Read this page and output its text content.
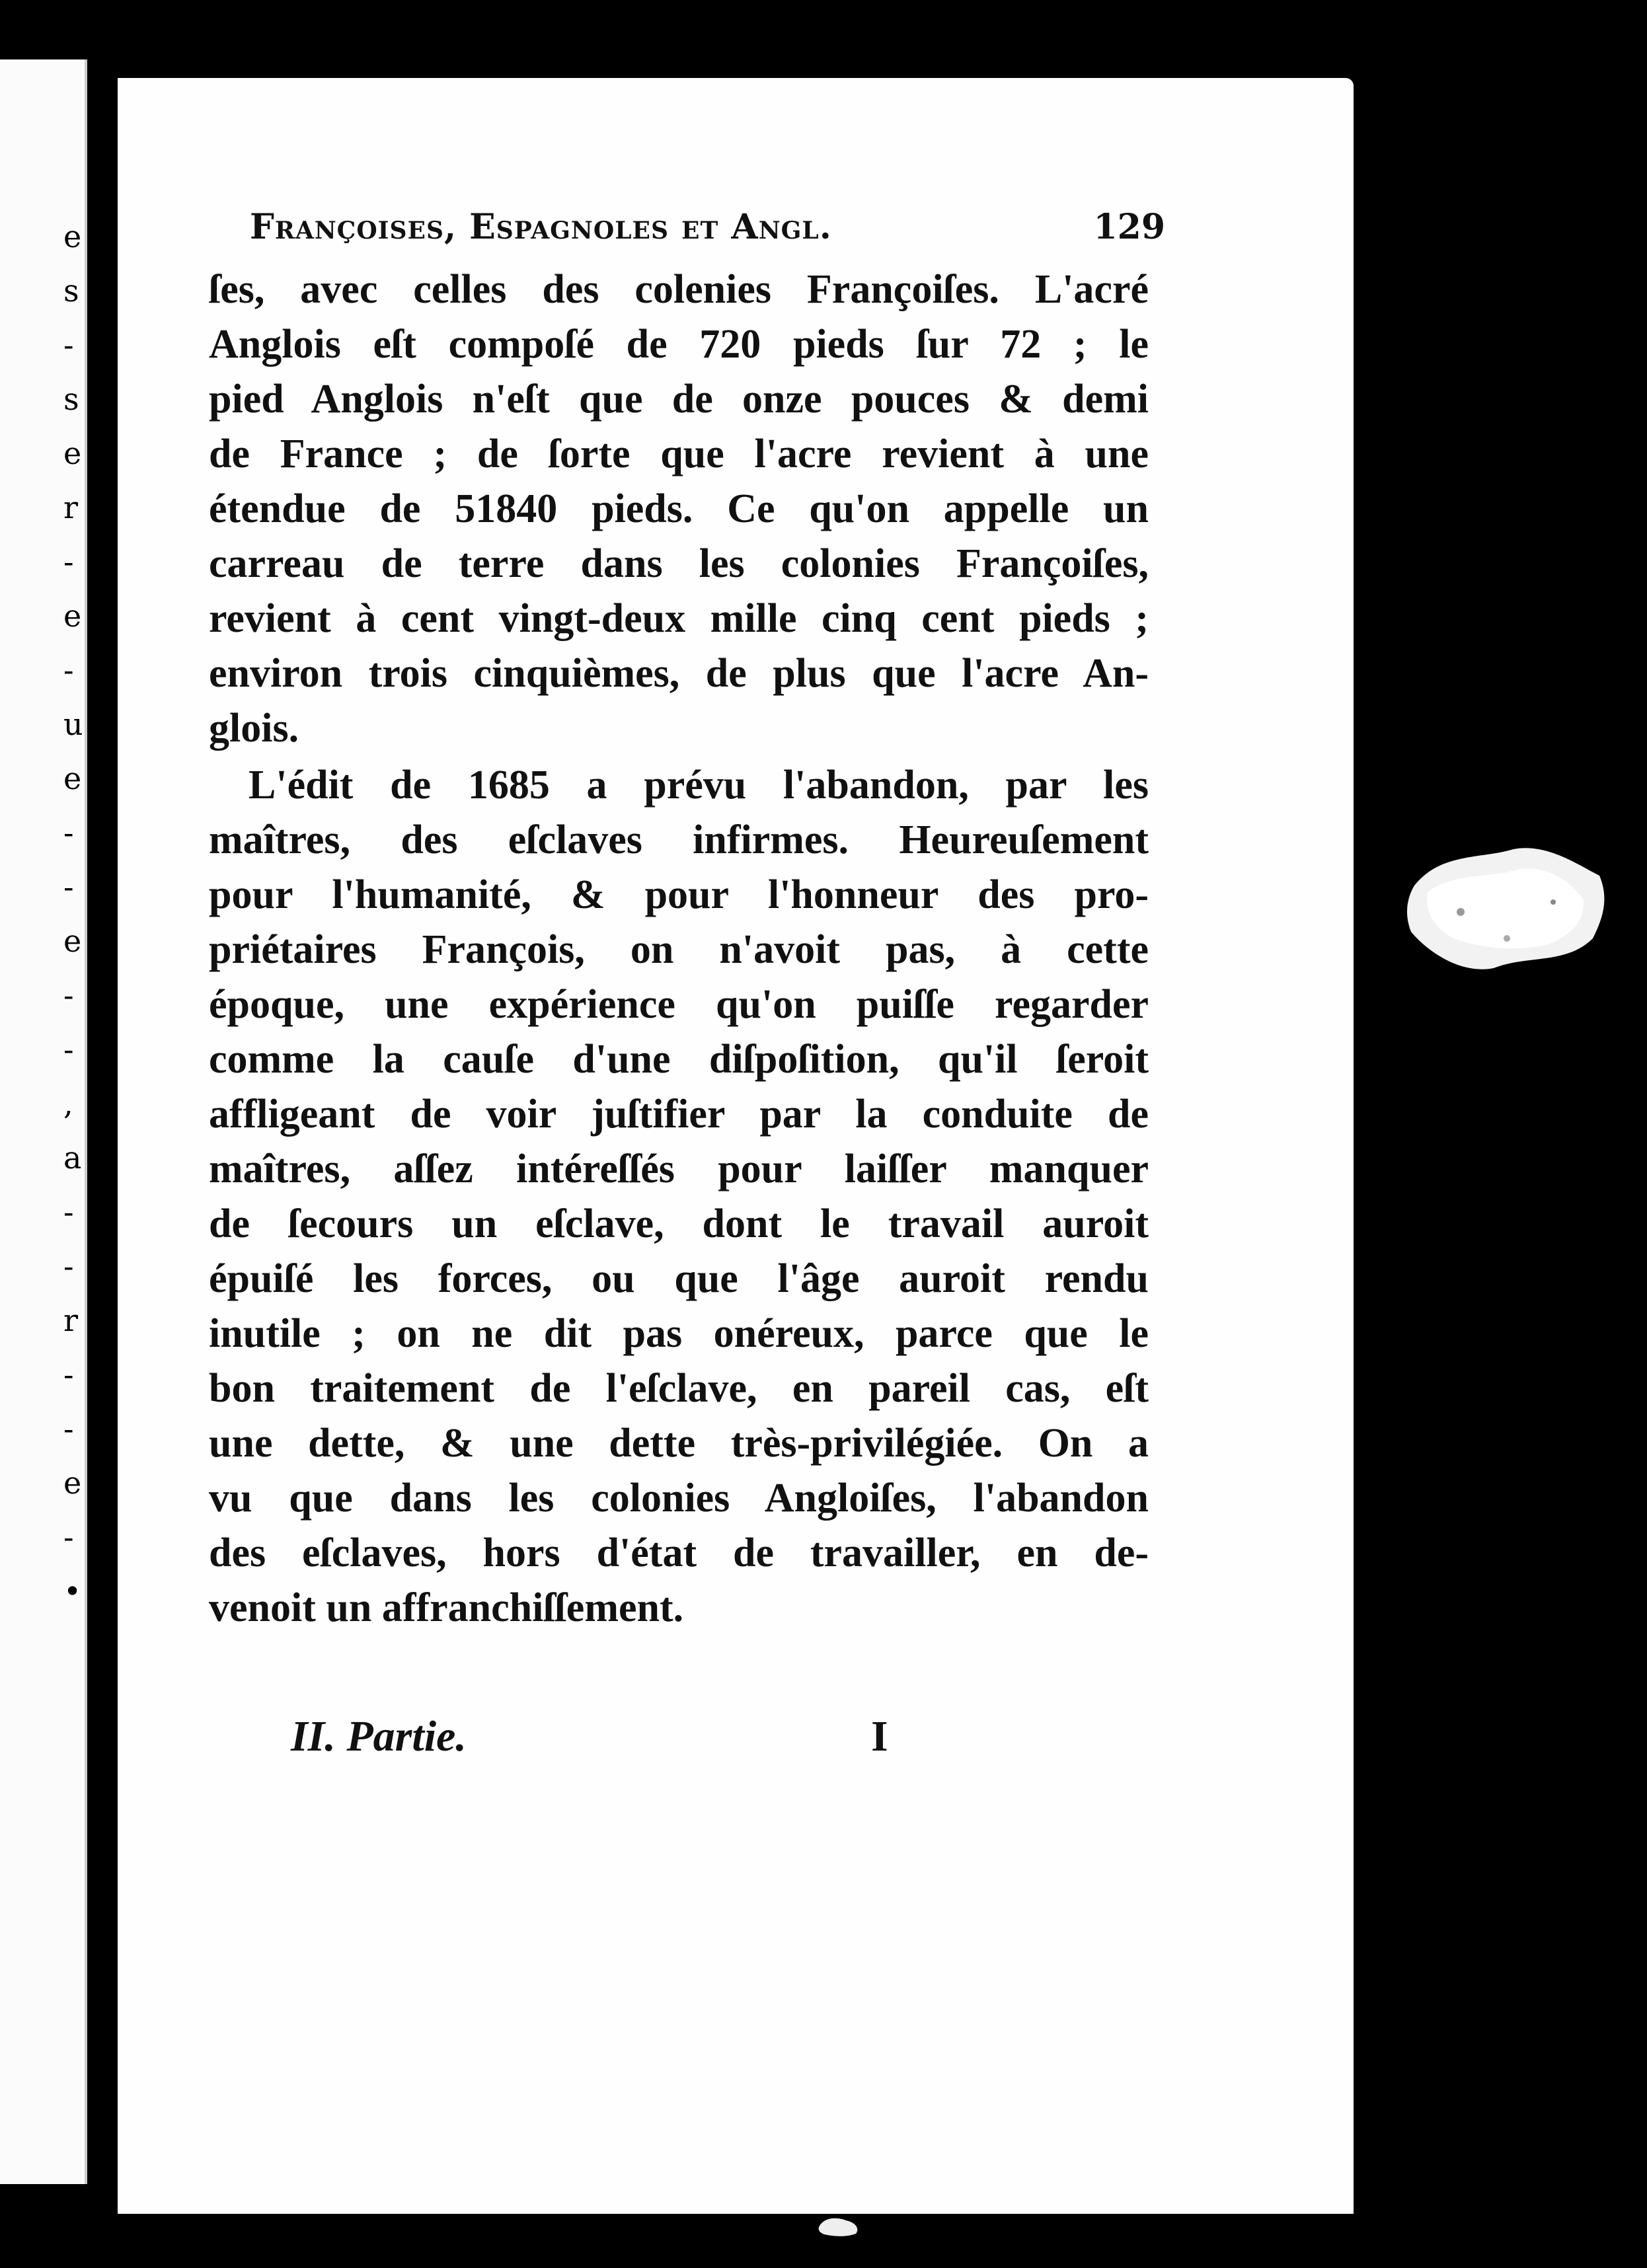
e
s
-
s
e
r
-
e
-
u
e
-
-
e
-
-
,
a
-
-
r
-
-
e
-
•
Françoises, Espagnoles et Angl.	129
ſes, avec celles des colenies Françoiſes. L'acré
Anglois eſt compoſé de 720 pieds ſur 72 ; le
pied Anglois n'eſt que de onze pouces & demi
de France ; de ſorte que l'acre revient à une
étendue de 51840 pieds. Ce qu'on appelle un
carreau de terre dans les colonies Françoiſes,
revient à cent vingt-deux mille cinq cent pieds ;
environ trois cinquièmes, de plus que l'acre An-
glois.
L'édit de 1685 a prévu l'abandon, par les
maîtres, des eſclaves infirmes. Heureuſement
pour l'humanité, & pour l'honneur des pro-
priétaires François, on n'avoit pas, à cette
époque, une expérience qu'on puiſſe regarder
comme la cauſe d'une diſpoſition, qu'il ſeroit
affligeant de voir juſtifier par la conduite de
maîtres, aſſez intéreſſés pour laiſſer manquer
de ſecours un eſclave, dont le travail auroit
épuiſé les forces, ou que l'âge auroit rendu
inutile ; on ne dit pas onéreux, parce que le
bon traitement de l'eſclave, en pareil cas, eſt
une dette, & une dette très-privilégiée. On a
vu que dans les colonies Angloiſes, l'abandon
des eſclaves, hors d'état de travailler, en de-
venoit un affranchiſſement.
II. Partie.	I
